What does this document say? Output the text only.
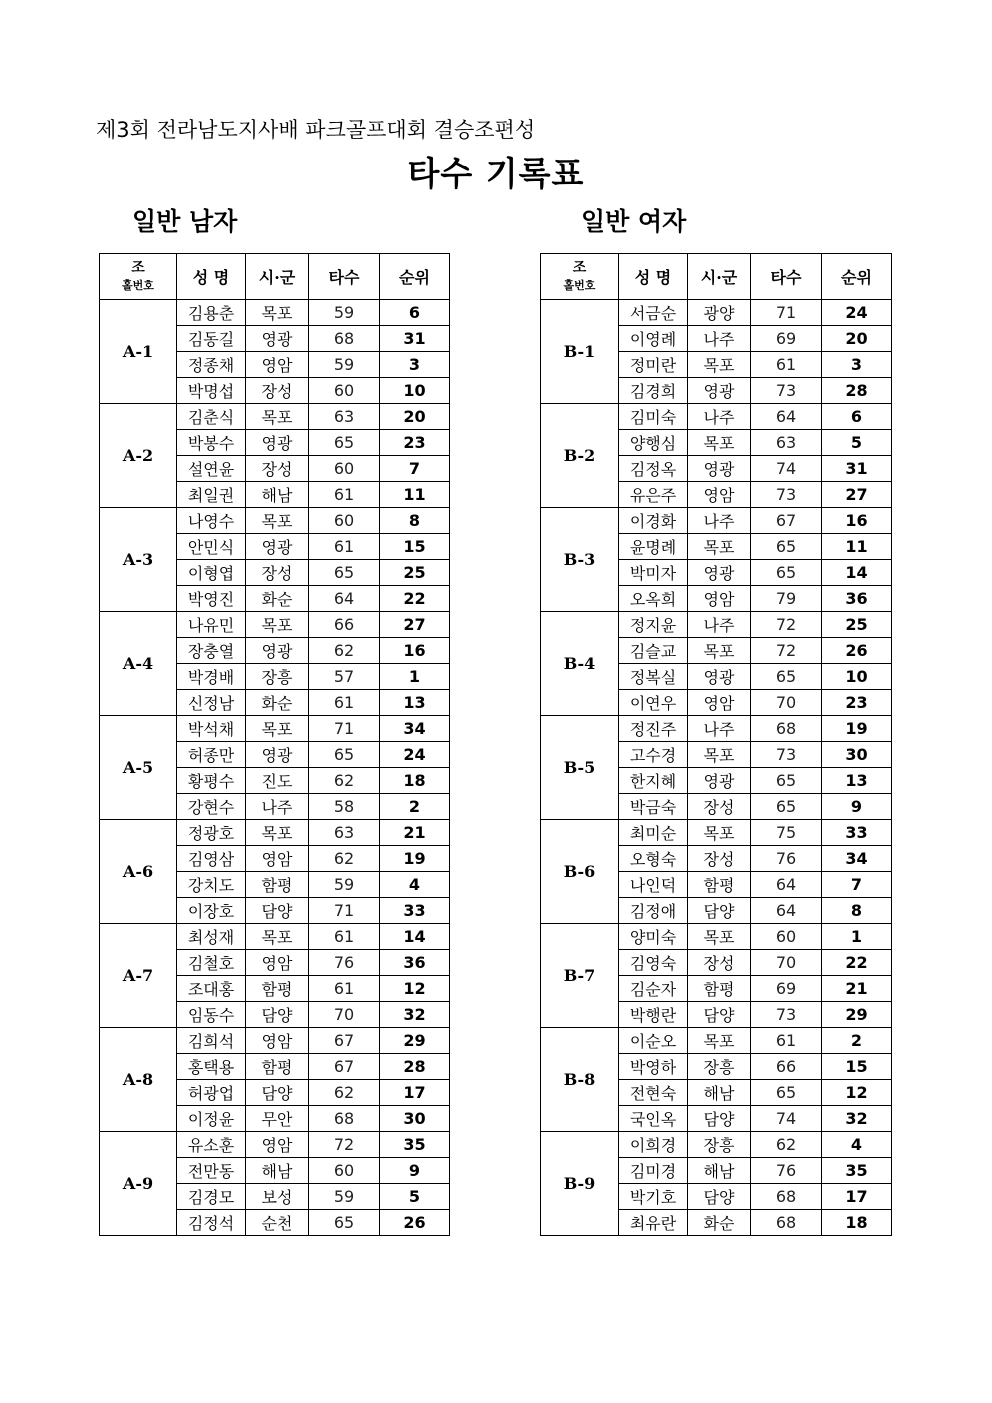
제3회 전라남도지사배 파크골프대회 결승조편성
타수 기록표
일반 남자	일반 여자
조
홀번호	성 명	시·군	타수	순위
A-1	김용춘	목포	59	6
	김동길	영광	68	31
	정종채	영암	59	3
	박명섭	장성	60	10
A-2	김춘식	목포	63	20
	박봉수	영광	65	23
	설연윤	장성	60	7
	최일권	해남	61	11
A-3	나영수	목포	60	8
	안민식	영광	61	15
	이형엽	장성	65	25
	박영진	화순	64	22
A-4	나유민	목포	66	27
	장충열	영광	62	16
	박경배	장흥	57	1
	신정남	화순	61	13
A-5	박석채	목포	71	34
	허종만	영광	65	24
	황평수	진도	62	18
	강현수	나주	58	2
A-6	정광호	목포	63	21
	김영삼	영암	62	19
	강치도	함평	59	4
	이장호	담양	71	33
A-7	최성재	목포	61	14
	김철호	영암	76	36
	조대홍	함평	61	12
	임동수	담양	70	32
A-8	김희석	영암	67	29
	홍택용	함평	67	28
	허광업	담양	62	17
	이정윤	무안	68	30
A-9	유소훈	영암	72	35
	전만동	해남	60	9
	김경모	보성	59	5
	김정석	순천	65	26
조
홀번호	성 명	시·군	타수	순위
B-1	서금순	광양	71	24
	이영례	나주	69	20
	정미란	목포	61	3
	김경희	영광	73	28
B-2	김미숙	나주	64	6
	양행심	목포	63	5
	김정옥	영광	74	31
	유은주	영암	73	27
B-3	이경화	나주	67	16
	윤명례	목포	65	11
	박미자	영광	65	14
	오옥희	영암	79	36
B-4	정지윤	나주	72	25
	김슬교	목포	72	26
	정복실	영광	65	10
	이연우	영암	70	23
B-5	정진주	나주	68	19
	고수경	목포	73	30
	한지혜	영광	65	13
	박금숙	장성	65	9
B-6	최미순	목포	75	33
	오형숙	장성	76	34
	나인덕	함평	64	7
	김정애	담양	64	8
B-7	양미숙	목포	60	1
	김영숙	장성	70	22
	김순자	함평	69	21
	박행란	담양	73	29
B-8	이순오	목포	61	2
	박영하	장흥	66	15
	전현숙	해남	65	12
	국인옥	담양	74	32
B-9	이희경	장흥	62	4
	김미경	해남	76	35
	박기호	담양	68	17
	최유란	화순	68	18
